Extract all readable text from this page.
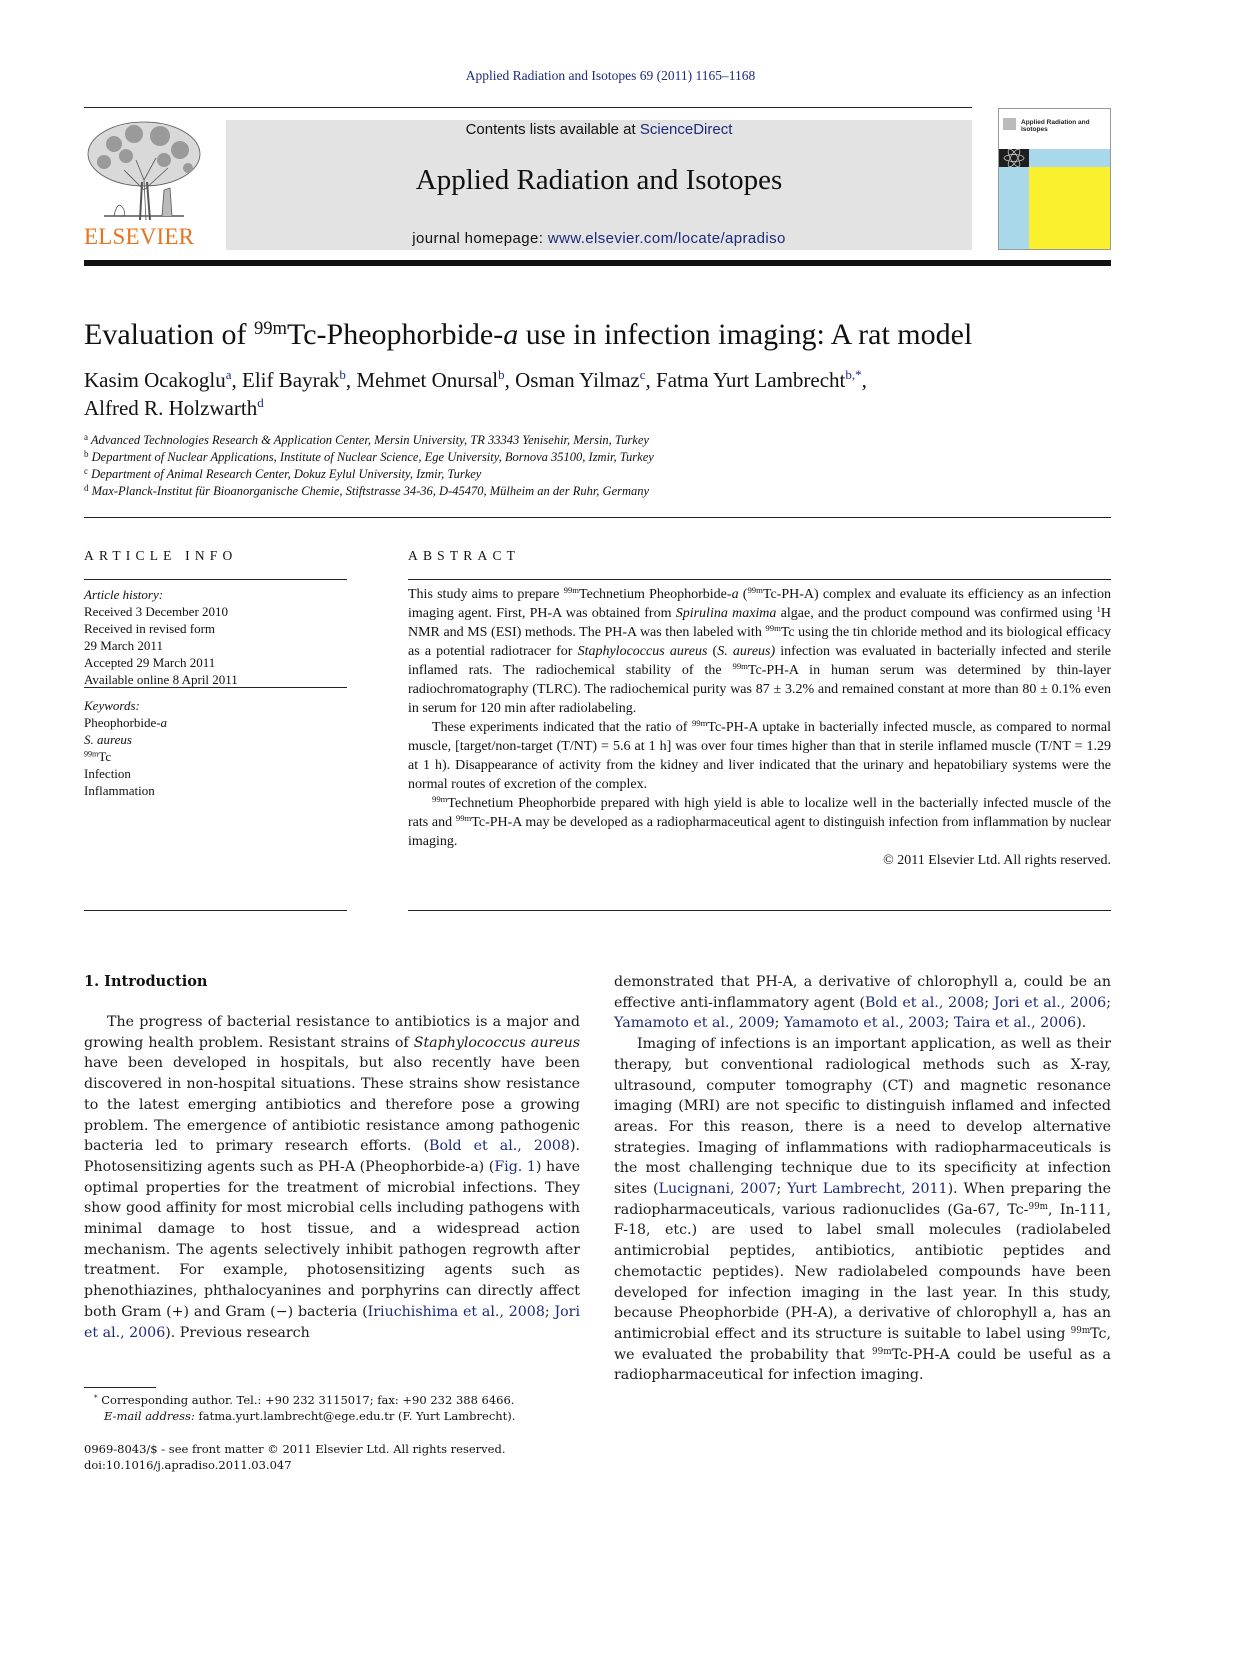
Applied Radiation and Isotopes 69 (2011) 1165–1168
ELSEVIER
Contents lists available at ScienceDirect
Applied Radiation and Isotopes
journal homepage: www.elsevier.com/locate/apradiso
Applied Radiation and
Isotopes
Evaluation of $^{99m}$Tc-Pheophorbide-a use in infection imaging: A rat model
Kasim Ocakoglu$^a$, Elif Bayrak$^b$, Mehmet Onursal$^b$, Osman Yilmaz$^c$, Fatma Yurt Lambrecht$^{b,*}$,
Alfred R. Holzwarth$^d$
$^a$ Advanced Technologies Research & Application Center, Mersin University, TR 33343 Yenisehir, Mersin, Turkey
$^b$ Department of Nuclear Applications, Institute of Nuclear Science, Ege University, Bornova 35100, Izmir, Turkey
$^c$ Department of Animal Research Center, Dokuz Eylul University, Izmir, Turkey
$^d$ Max-Planck-Institut für Bioanorganische Chemie, Stiftstrasse 34-36, D-45470, Mülheim an der Ruhr, Germany
ARTICLE INFO
Article history:
Received 3 December 2010
Received in revised form
29 March 2011
Accepted 29 March 2011
Available online 8 April 2011
Keywords:
Pheophorbide-a
S. aureus
$^{99m}$Tc
Infection
Inflammation
ABSTRACT

This study aims to prepare $^{99m}$Technetium Pheophorbide-a ($^{99m}$Tc-PH-A) complex and evaluate its efficiency as an infection imaging agent. First, PH-A was obtained from Spirulina maxima algae, and the product compound was confirmed using $^1$H NMR and MS (ESI) methods. The PH-A was then labeled with $^{99m}$Tc using the tin chloride method and its biological efficacy as a potential radiotracer for Staphylococcus aureus (S. aureus) infection was evaluated in bacterially infected and sterile inflamed rats. The radiochemical stability of the $^{99m}$Tc-PH-A in human serum was determined by thin-layer radiochromatography (TLRC). The radiochemical purity was 87 ± 3.2% and remained constant at more than 80 ± 0.1% even in serum for 120 min after radiolabeling.

These experiments indicated that the ratio of $^{99m}$Tc-PH-A uptake in bacterially infected muscle, as compared to normal muscle, [target/non-target (T/NT) = 5.6 at 1 h] was over four times higher than that in sterile inflamed muscle (T/NT = 1.29 at 1 h). Disappearance of activity from the kidney and liver indicated that the urinary and hepatobiliary systems were the normal routes of excretion of the complex.

$^{99m}$Technetium Pheophorbide prepared with high yield is able to localize well in the bacterially infected muscle of the rats and $^{99m}$Tc-PH-A may be developed as a radiopharmaceutical agent to distinguish infection from inflammation by nuclear imaging.

© 2011 Elsevier Ltd. All rights reserved.

1. Introduction

The progress of bacterial resistance to antibiotics is a major and growing health problem. Resistant strains of Staphylococcus aureus have been developed in hospitals, but also recently have been discovered in non-hospital situations. These strains show resistance to the latest emerging antibiotics and therefore pose a growing problem. The emergence of antibiotic resistance among pathogenic bacteria led to primary research efforts. (Bold et al., 2008). Photosensitizing agents such as PH-A (Pheophorbide-a) (Fig. 1) have optimal properties for the treatment of microbial infections. They show good affinity for most microbial cells including pathogens with minimal damage to host tissue, and a widespread action mechanism. The agents selectively inhibit pathogen regrowth after treatment. For example, photosensitizing agents such as phenothiazines, phthalocyanines and porphyrins can directly affect both Gram (+) and Gram (−) bacteria (Iriuchishima et al., 2008; Jori et al., 2006). Previous research

demonstrated that PH-A, a derivative of chlorophyll a, could be an effective anti-inflammatory agent (Bold et al., 2008; Jori et al., 2006; Yamamoto et al., 2009; Yamamoto et al., 2003; Taira et al., 2006).

Imaging of infections is an important application, as well as their therapy, but conventional radiological methods such as X-ray, ultrasound, computer tomography (CT) and magnetic resonance imaging (MRI) are not specific to distinguish inflamed and infected areas. For this reason, there is a need to develop alternative strategies. Imaging of inflammations with radiopharmaceuticals is the most challenging technique due to its specificity at infection sites (Lucignani, 2007; Yurt Lambrecht, 2011). When preparing the radiopharmaceuticals, various radionuclides (Ga-67, Tc-$^{99m}$, In-111, F-18, etc.) are used to label small molecules (radiolabeled antimicrobial peptides, antibiotics, antibiotic peptides and chemotactic peptides). New radiolabeled compounds have been developed for infection imaging in the last year. In this study, because Pheophorbide (PH-A), a derivative of chlorophyll a, has an antimicrobial effect and its structure is suitable to label using $^{99m}$Tc, we evaluated the probability that $^{99m}$Tc-PH-A could be useful as a radiopharmaceutical for infection imaging.

* Corresponding author. Tel.: +90 232 3115017; fax: +90 232 388 6466.
E-mail address: fatma.yurt.lambrecht@ege.edu.tr (F. Yurt Lambrecht).
0969-8043/$ - see front matter © 2011 Elsevier Ltd. All rights reserved.
doi:10.1016/j.apradiso.2011.03.047
